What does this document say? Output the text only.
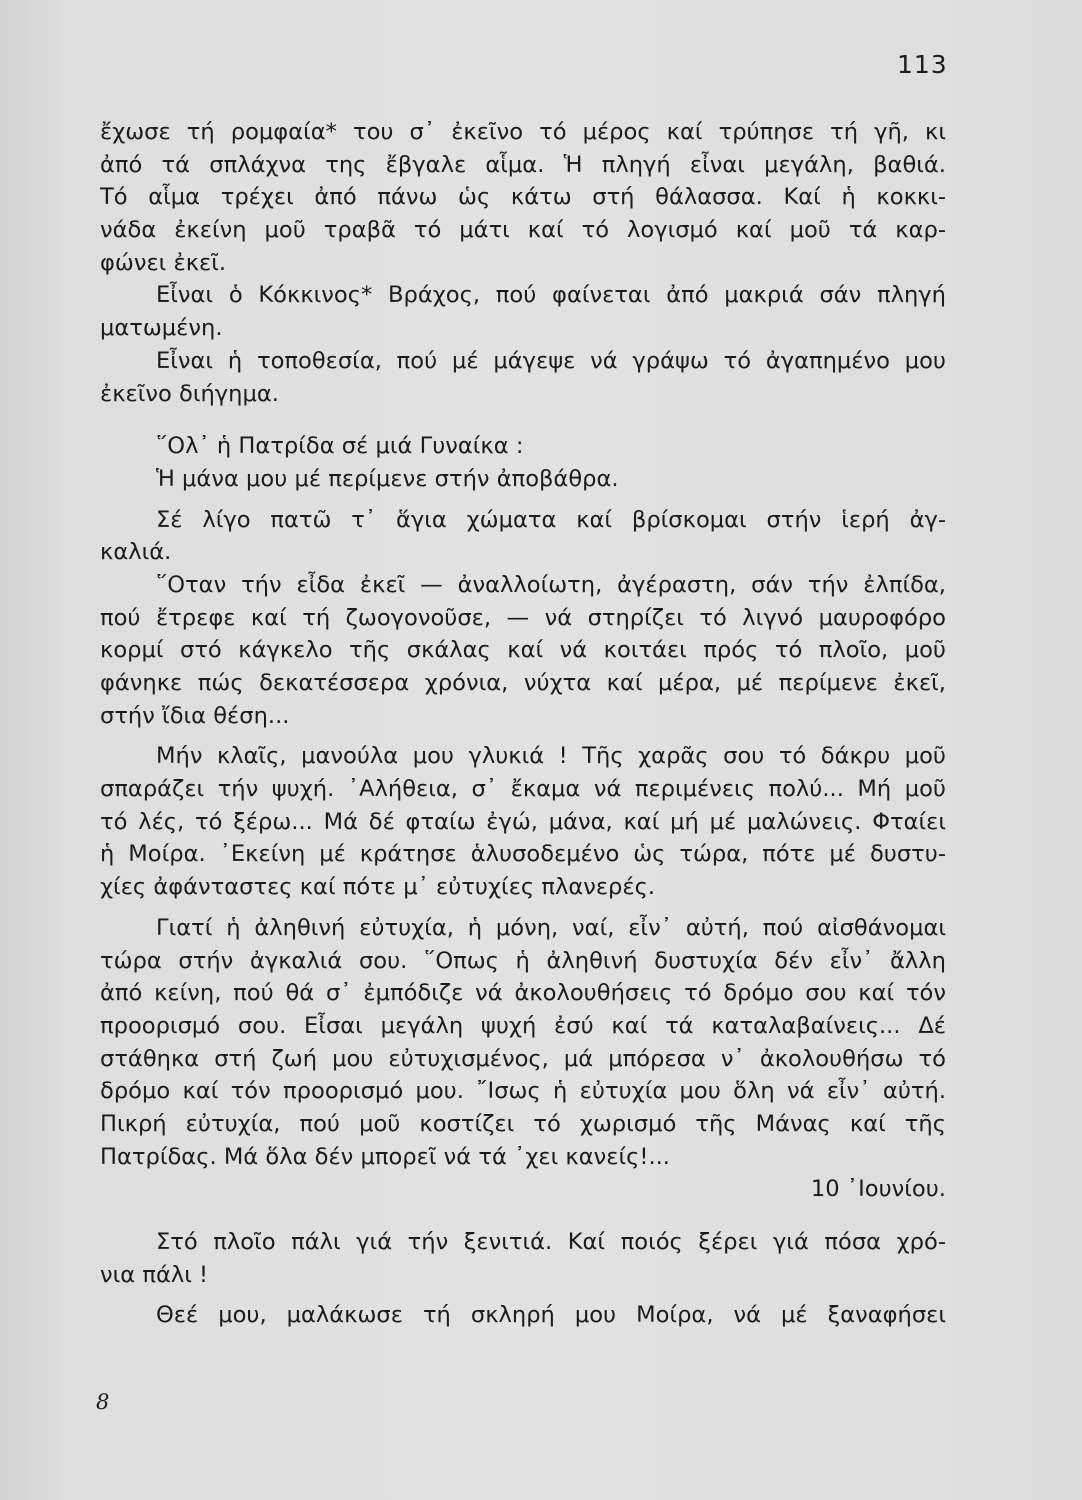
113
ἔχωσε τή ρομφαία* του σ᾽ ἐκεῖνο τό μέρος καί τρύπησε τή γῆ, κι
ἀπό τά σπλάχνα της ἔβγαλε αἷμα. Ἡ πληγή εἶναι μεγάλη, βαθιά.
Τό αἷμα τρέχει ἀπό πάνω ὡς κάτω στή θάλασσα. Καί ἡ κοκκι-
νάδα ἐκείνη μοῦ τραβᾶ τό μάτι καί τό λογισμό καί μοῦ τά καρ-
φώνει ἐκεῖ.
Εἶναι ὁ Κόκκινος* Βράχος, πού φαίνεται ἀπό μακριά σάν πληγή
ματωμένη.
Εἶναι ἡ τοποθεσία, πού μέ μάγεψε νά γράψω τό ἀγαπημένο μου
ἐκεῖνο διήγημα.
῞Ολ᾽ ἡ Πατρίδα σέ μιά Γυναίκα :
Ἡ μάνα μου μέ περίμενε στήν ἀποβάθρα.
Σέ λίγο πατῶ τ᾽ ἅγια χώματα καί βρίσκομαι στήν ἱερή ἀγ-
καλιά.
῞Οταν τήν εἶδα ἐκεῖ — ἀναλλοίωτη, ἀγέραστη, σάν τήν ἐλπίδα,
πού ἔτρεφε καί τή ζωογονοῦσε, — νά στηρίζει τό λιγνό μαυροφόρο
κορμί στό κάγκελο τῆς σκάλας καί νά κοιτάει πρός τό πλοῖο, μοῦ
φάνηκε πώς δεκατέσσερα χρόνια, νύχτα καί μέρα, μέ περίμενε ἐκεῖ,
στήν ἴδια θέση...
Μήν κλαῖς, μανούλα μου γλυκιά ! Τῆς χαρᾶς σου τό δάκρυ μοῦ
σπαράζει τήν ψυχή. ᾽Αλήθεια, σ᾽ ἔκαμα νά περιμένεις πολύ... Μή μοῦ
τό λές, τό ξέρω... Μά δέ φταίω ἐγώ, μάνα, καί μή μέ μαλώνεις. Φταίει
ἡ Μοίρα. ᾽Εκείνη μέ κράτησε ἁλυσοδεμένο ὡς τώρα, πότε μέ δυστυ-
χίες ἀφάνταστες καί πότε μ᾽ εὐτυχίες πλανερές.
Γιατί ἡ ἀληθινή εὐτυχία, ἡ μόνη, ναί, εἶν᾽ αὐτή, πού αἰσθάνομαι
τώρα στήν ἀγκαλιά σου. ῞Οπως ἡ ἀληθινή δυστυχία δέν εἶν᾽ ἄλλη
ἀπό κείνη, πού θά σ᾽ ἐμπόδιζε νά ἀκολουθήσεις τό δρόμο σου καί τόν
προορισμό σου. Εἶσαι μεγάλη ψυχή ἐσύ καί τά καταλαβαίνεις... Δέ
στάθηκα στή ζωή μου εὐτυχισμένος, μά μπόρεσα ν᾽ ἀκολουθήσω τό
δρόμο καί τόν προορισμό μου. ῎Ισως ἡ εὐτυχία μου ὅλη νά εἶν᾽ αὐτή.
Πικρή εὐτυχία, πού μοῦ κοστίζει τό χωρισμό τῆς Μάνας καί τῆς
Πατρίδας. Μά ὅλα δέν μπορεῖ νά τά ᾽χει κανείς!...
10 ᾽Ιουνίου.
Στό πλοῖο πάλι γιά τήν ξενιτιά. Καί ποιός ξέρει γιά πόσα χρό-
νια πάλι !
Θεέ μου, μαλάκωσε τή σκληρή μου Μοίρα, νά μέ ξαναφήσει
8
